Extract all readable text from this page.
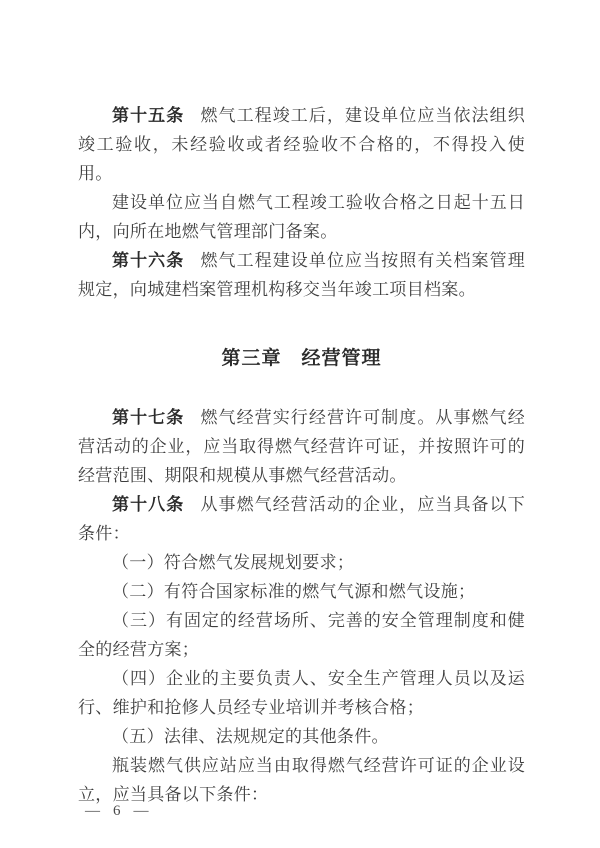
第十五条 燃气工程竣工后，建设单位应当依法组织竣工验收，未经验收或者经验收不合格的，不得投入使用。

建设单位应当自燃气工程竣工验收合格之日起十五日内，向所在地燃气管理部门备案。

第十六条 燃气工程建设单位应当按照有关档案管理规定，向城建档案管理机构移交当年竣工项目档案。

第三章　经营管理

第十七条 燃气经营实行经营许可制度。从事燃气经营活动的企业，应当取得燃气经营许可证，并按照许可的经营范围、期限和规模从事燃气经营活动。

第十八条 从事燃气经营活动的企业，应当具备以下条件：

（一）符合燃气发展规划要求；

（二）有符合国家标准的燃气气源和燃气设施；

（三）有固定的经营场所、完善的安全管理制度和健全的经营方案；

（四）企业的主要负责人、安全生产管理人员以及运行、维护和抢修人员经专业培训并考核合格；

（五）法律、法规规定的其他条件。

瓶装燃气供应站应当由取得燃气经营许可证的企业设立，应当具备以下条件：

— 6 —
